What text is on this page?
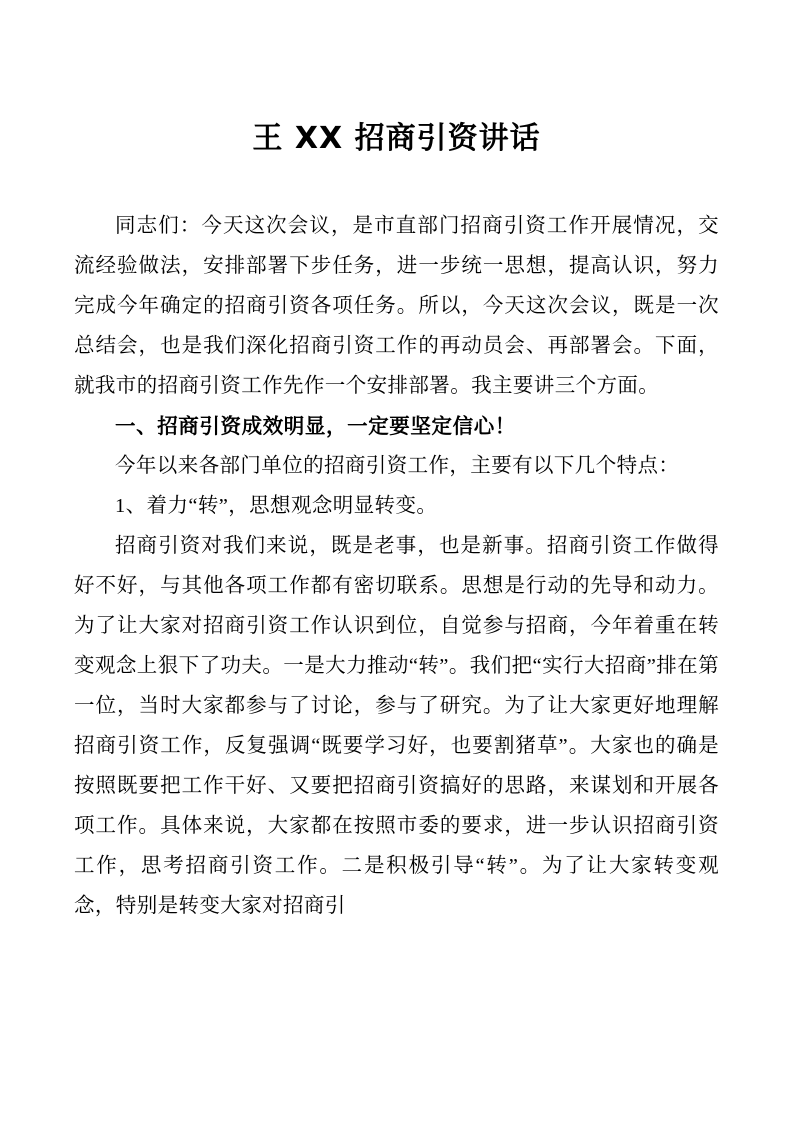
王 XX 招商引资讲话

同志们：今天这次会议，是市直部门招商引资工作开展情况，交流经验做法，安排部署下步任务，进一步统一思想，提高认识，努力完成今年确定的招商引资各项任务。所以，今天这次会议，既是一次总结会，也是我们深化招商引资工作的再动员会、再部署会。下面，就我市的招商引资工作先作一个安排部署。我主要讲三个方面。

一、招商引资成效明显，一定要坚定信心！

今年以来各部门单位的招商引资工作，主要有以下几个特点：

1、着力“转”，思想观念明显转变。

招商引资对我们来说，既是老事，也是新事。招商引资工作做得好不好，与其他各项工作都有密切联系。思想是行动的先导和动力。为了让大家对招商引资工作认识到位，自觉参与招商，今年着重在转变观念上狠下了功夫。一是大力推动“转”。我们把“实行大招商”排在第一位，当时大家都参与了讨论，参与了研究。为了让大家更好地理解招商引资工作，反复强调“既要学习好，也要割猪草”。大家也的确是按照既要把工作干好、又要把招商引资搞好的思路，来谋划和开展各项工作。具体来说，大家都在按照市委的要求，进一步认识招商引资工作，思考招商引资工作。二是积极引导“转”。为了让大家转变观念，特别是转变大家对招商引
